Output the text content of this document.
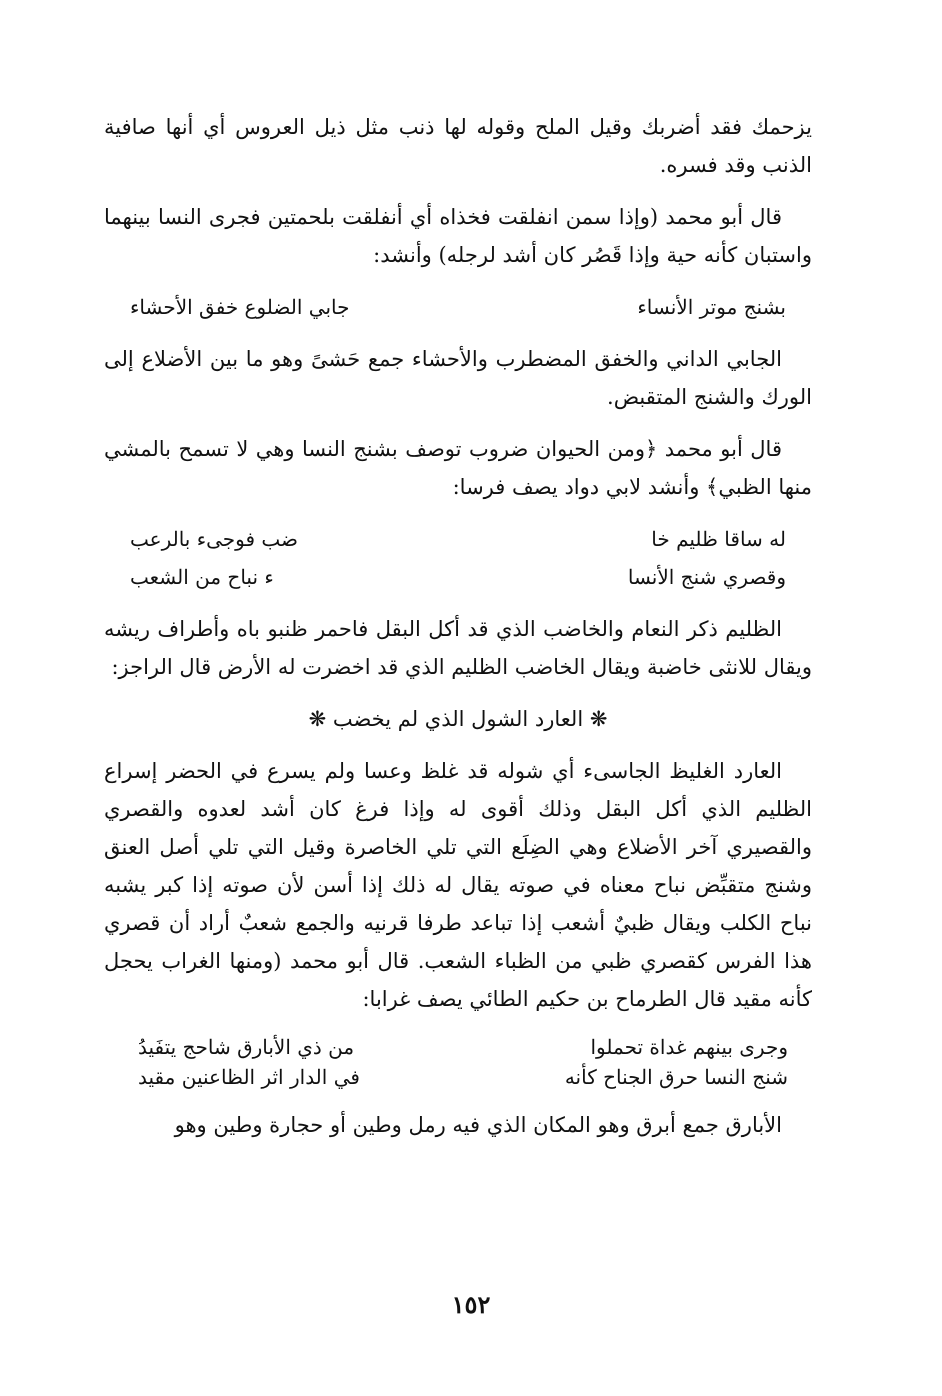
يزحمك فقد أضربك وقيل الملح وقوله لها ذنب مثل ذيل العروس أي أنها صافية الذنب وقد فسره.

قال أبو محمد (وإذا سمن انفلقت فخذاه أي أنفلقت بلحمتين فجرى النسا بينهما واستبان كأنه حية وإذا قَصُر كان أشد لرجله) وأنشد:

بشنج موتر الأنساء
جابي الضلوع خفق الأحشاء

الجابي الداني والخفق المضطرب والأحشاء جمع حَشىً وهو ما بين الأضلاع إلى الورك والشنج المتقبض.

قال أبو محمد ﴿ومن الحيوان ضروب توصف بشنج النسا وهي لا تسمح بالمشي منها الظبي﴾ وأنشد لابي دواد يصف فرسا:

له ساقا ظليم خا
ضب فوجىء بالرعب
وقصري شنج الأنسا
ء نباح من الشعب

الظليم ذكر النعام والخاضب الذي قد أكل البقل فاحمر ظنبو باه وأطراف ريشه ويقال للانثى خاضبة ويقال الخاضب الظليم الذي قد اخضرت له الأرض قال الراجز:

❋ العارد الشول الذي لم يخضب ❋

العارد الغليظ الجاسىء أي شوله قد غلظ وعسا ولم يسرع في الحضر إسراع الظليم الذي أكل البقل وذلك أقوى له وإذا فرغ كان أشد لعدوه والقصري والقصيري آخر الأضلاع وهي الضِلَع التي تلي الخاصرة وقيل التي تلي أصل العنق وشنج متقبِّض نباح معناه في صوته يقال له ذلك إذا أسن لأن صوته إذا كبر يشبه نباح الكلب ويقال ظبيٌ أشعب إذا تباعد طرفا قرنيه والجمع شعبٌ أراد أن قصري هذا الفرس كقصري ظبي من الظباء الشعب. قال أبو محمد (ومنها الغراب يحجل كأنه مقيد قال الطرماح بن حكيم الطائي يصف غرابا:

وجرى بينهم غداة تحملوا
من ذي الأبارق شاحج يتفَيدُ
شنج النسا حرق الجناح كأنه
في الدار اثر الظاعنين مقيد

الأبارق جمع أبرق وهو المكان الذي فيه رمل وطين أو حجارة وطين وهو

١٥٢
